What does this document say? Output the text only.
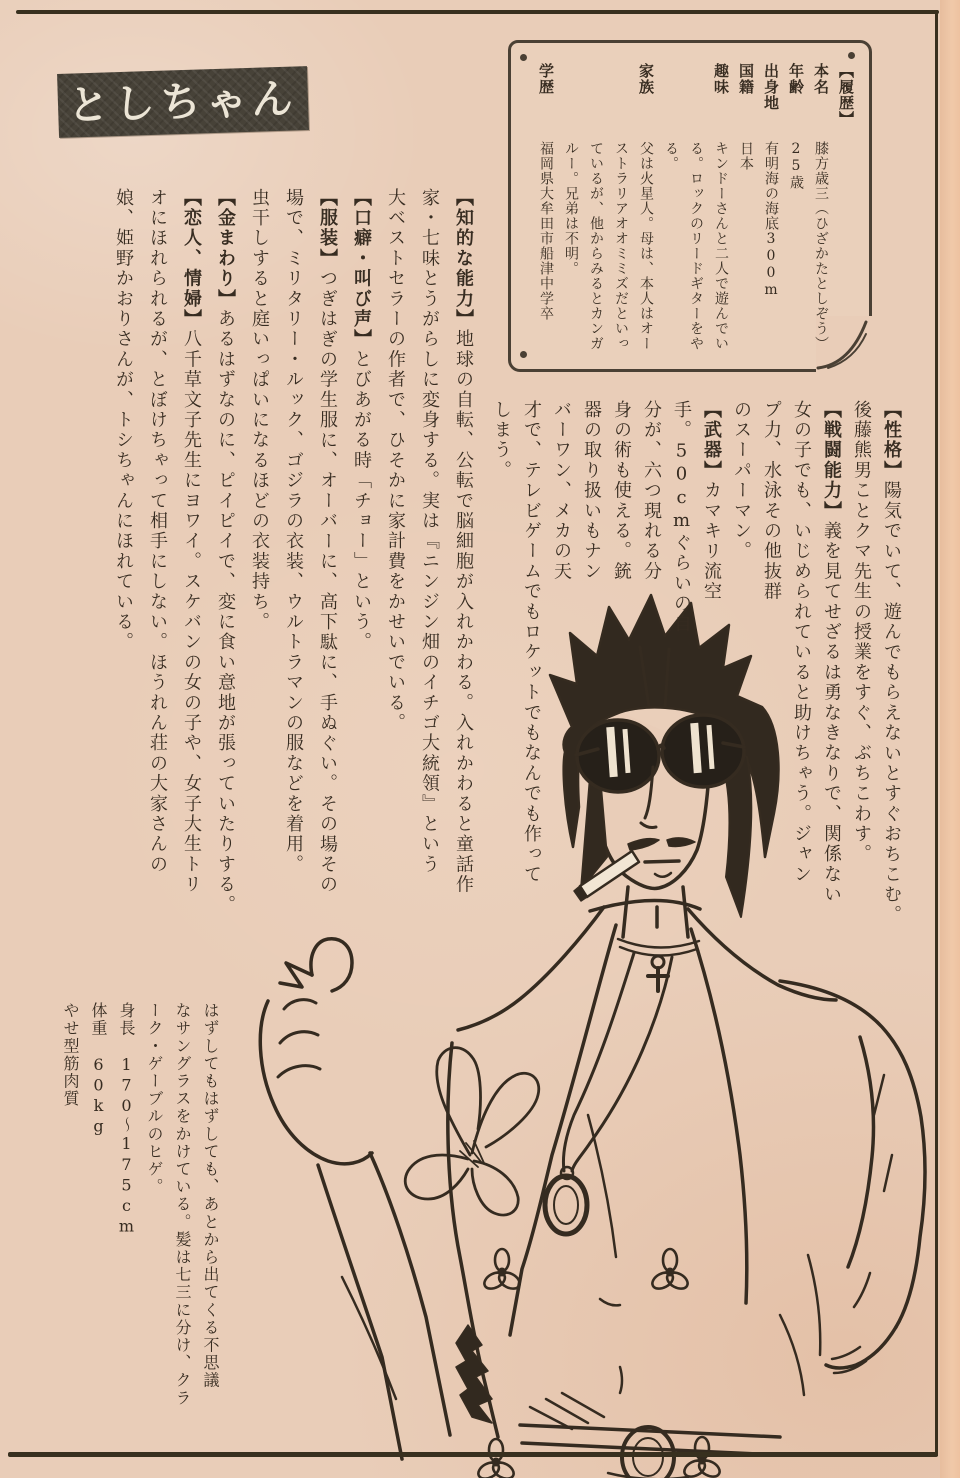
としちゃん	【履歴】
本名
年齢
出身地
国籍
趣味
家族
学歴
膝方歳三（ひざかたとしぞう）
25歳
有明海の海底300m
日本
キンドーさんと二人で遊んでい
る。ロックのリードギターをや
る。
父は火星人。母は、本人はオー
ストラリアオオミミズだといっ
ているが、他からみるとカンガ
ルー。兄弟は不明。
福岡県大牟田市船津中学卒
【性格】陽気でいて、遊んでもらえないとすぐおちこむ。
後藤熊男ことクマ先生の授業をすぐ、ぶちこわす。
【戦闘能力】義を見てせざるは勇なきなりで、関係ない
女の子でも、いじめられていると助けちゃう。ジャン
プ力、水泳その他抜群
のスーパーマン。
【武器】カマキリ流空
手。50cmぐらいの自
分が、六つ現れる分
身の術も使える。銃
器の取り扱いもナン
バーワン、メカの天
才で、テレビゲームでもロケットでもなんでも作って
しまう。
【知的な能力】地球の自転、公転で脳細胞が入れかわる。入れかわると童話作
家・七味とうがらしに変身する。実は『ニンジン畑のイチゴ大統領』という
大ベストセラーの作者で、ひそかに家計費をかせいでいる。
【口癖・叫び声】とびあがる時「チョー」という。
【服装】つぎはぎの学生服に、オーバーに、高下駄に、手ぬぐい。その場その
場で、ミリタリー・ルック、ゴジラの衣装、ウルトラマンの服などを着用。
虫干しすると庭いっぱいになるほどの衣装持ち。
【金まわり】あるはずなのに、ピイピイで、変に食い意地が張っていたりする。
【恋人、情婦】八千草文子先生にヨワイ。スケバンの女の子や、女子大生トリ
オにほれられるが、とぼけちゃって相手にしない。ほうれん荘の大家さんの
娘、姫野かおりさんが、トシちゃんにほれている。
はずしてもはずしても、あとから出てくる不思議
なサングラスをかけている。髪は七三に分け、クラ
ーク・ゲーブルのヒゲ。
身長　170～175cm
体重　60kg
やせ型筋肉質
